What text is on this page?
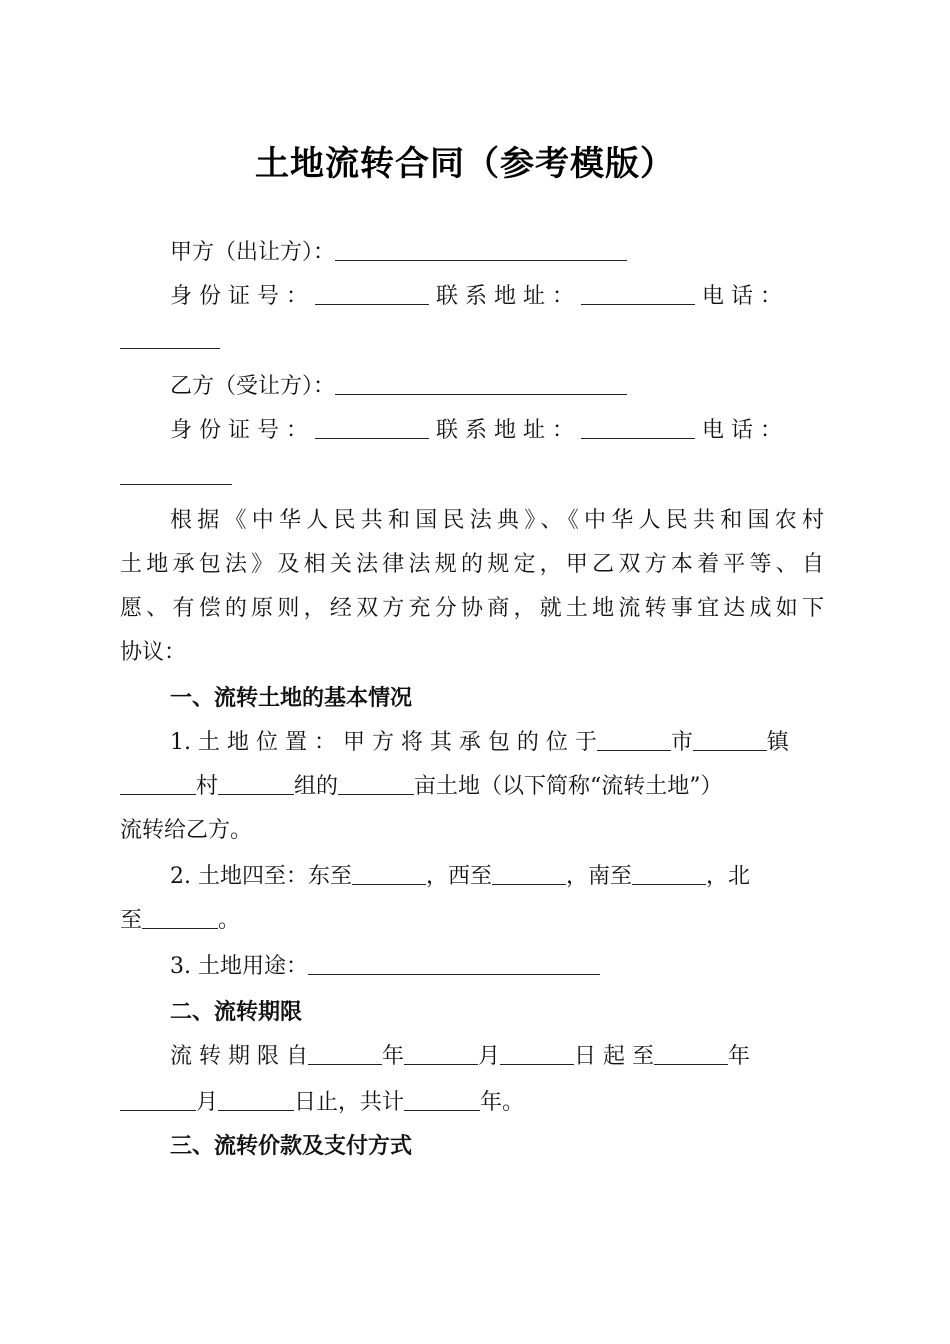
土地流转合同（参考模版）
甲方（出让方）：
身 份 证 号 ：	联 系 地 址 ：	电 话 ：
乙方（受让方）：
身 份 证 号 ：	联 系 地 址 ：	电 话 ：
根据《中华人民共和国民法典》、《中华人民共和国农村
土地承包法》及相关法律法规的规定，甲乙双方本着平等、自
愿、有偿的原则，经双方充分协商，就土地流转事宜达成如下
协议：
一、流转土地的基本情况
1. 土 地 位 置 ： 甲 方 将 其 承 包 的 位 于	市	镇
村	组的	亩土地（以下简称“流转土地”）
流转给乙方。
2. 土地四至：东至	，西至	，南至	，北
至	。
3. 土地用途：
二、流转期限
流 转 期 限 自	年	月	日 起 至	年
月	日止，共计	年。
三、流转价款及支付方式
